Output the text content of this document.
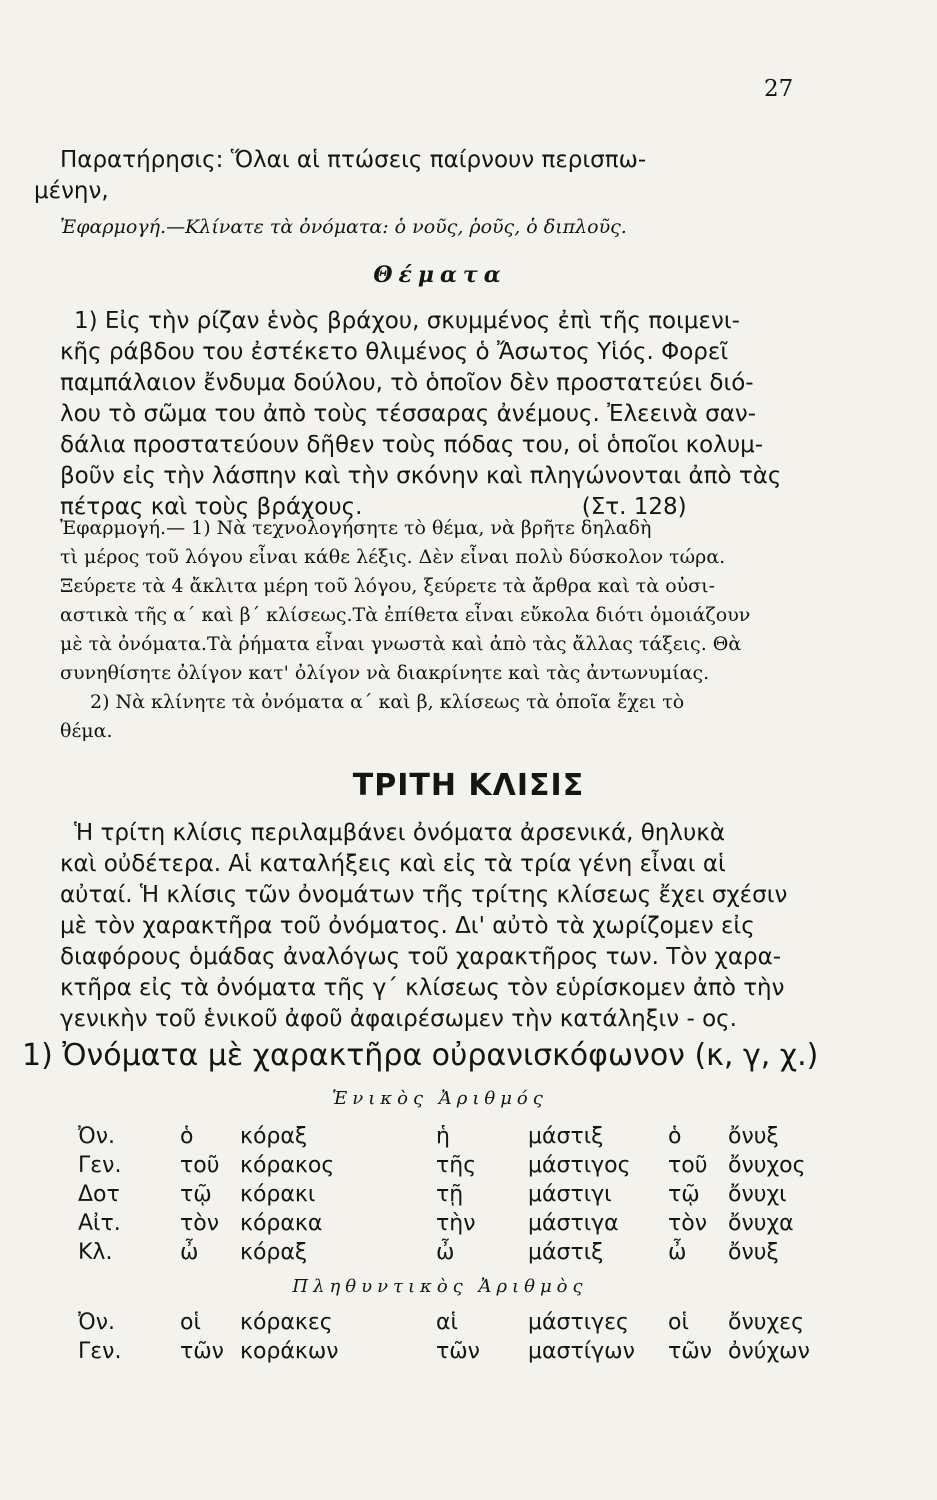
27
Παρατήρησις: Ὅλαι αἱ πτώσεις παίρνουν περισπω-
μένην,
Ἐφαρμογή.—Κλίνατε τὰ ὀνόματα: ὁ νοῦς, ῥοῦς, ὁ διπλοῦς.
Θέματα
1) Εἰς τὴν ρίζαν ἑνὸς βράχου, σκυμμένος ἐπὶ τῆς ποιμενι-
κῆς ράβδου του ἐστέκετο θλιμένος ὁ Ἄσωτος Υἱός. Φορεῖ
παμπάλαιον ἔνδυμα δούλου, τὸ ὁποῖον δὲν προστατεύει διό-
λου τὸ σῶμα του ἀπὸ τοὺς τέσσαρας ἀνέμους. Ἐλεεινὰ σαν-
δάλια προστατεύουν δῆθεν τοὺς πόδας του, οἱ ὁποῖοι κολυμ-
βοῦν εἰς τὴν λάσπην καὶ τὴν σκόνην καὶ πληγώνονται ἀπὸ τὰς
πέτρας καὶ τοὺς βράχους.                              (Στ. 128)
Ἐφαρμογή.— 1) Νὰ τεχνολογήσητε τὸ θέμα, νὰ βρῆτε δηλαδὴ
τὶ μέρος τοῦ λόγου εἶναι κάθε λέξις. Δὲν εἶναι πολὺ δύσκολον τώρα.
Ξεύρετε τὰ 4 ἄκλιτα μέρη τοῦ λόγου, ξεύρετε τὰ ἄρθρα καὶ τὰ οὐσι-
αστικὰ τῆς α΄ καὶ β΄ κλίσεως.Τὰ ἐπίθετα εἶναι εὔκολα διότι ὁμοιάζουν
μὲ τὰ ὀνόματα.Τὰ ῥήματα εἶναι γνωστὰ καὶ ἀπὸ τὰς ἄλλας τάξεις. Θὰ
συνηθίσητε ὀλίγον κατ' ὀλίγον νὰ διακρίνητε καὶ τὰς ἀντωνυμίας.
2) Νὰ κλίνητε τὰ ὀνόματα α΄ καὶ β, κλίσεως τὰ ὁποῖα ἔχει τὸ
θέμα.
ΤΡΙΤΗ ΚΛΙΣΙΣ
Ἡ τρίτη κλίσις περιλαμβάνει ὀνόματα ἀρσενικά, θηλυκὰ
καὶ οὐδέτερα. Αἱ καταλήξεις καὶ εἰς τὰ τρία γένη εἶναι αἱ
αὐταί. Ἡ κλίσις τῶν ὀνομάτων τῆς τρίτης κλίσεως ἔχει σχέσιν
μὲ τὸν χαρακτῆρα τοῦ ὀνόματος. Δι' αὐτὸ τὰ χωρίζομεν εἰς
διαφόρους ὁμάδας ἀναλόγως τοῦ χαρακτῆρος των. Τὸν χαρα-
κτῆρα εἰς τὰ ὀνόματα τῆς γ΄ κλίσεως τὸν εὑρίσκομεν ἀπὸ τὴν
γενικὴν τοῦ ἑνικοῦ ἀφοῦ ἀφαιρέσωμεν τὴν κατάληξιν - ος.
1) Ὀνόματα μὲ χαρακτῆρα οὐρανισκόφωνον (κ, γ, χ.)
Ἑνικὸς Ἀριθμός
Ὀν.	ὁ	κόραξ	ἡ	μάστιξ	ὁ	ὄνυξ
Γεν.	τοῦ	κόρακος	τῆς	μάστιγος	τοῦ	ὄνυχος
Δοτ	τῷ	κόρακι	τῇ	μάστιγι	τῷ	ὄνυχι
Αἰτ.	τὸν	κόρακα	τὴν	μάστιγα	τὸν	ὄνυχα
Κλ.	ὦ	κόραξ	ὦ	μάστιξ	ὦ	ὄνυξ
Πληθυντικὸς Ἀριθμὸς
Ὀν.	οἱ	κόρακες	αἱ	μάστιγες	οἱ	ὄνυχες
Γεν.	τῶν	κοράκων	τῶν	μαστίγων	τῶν	ὀνύχων
